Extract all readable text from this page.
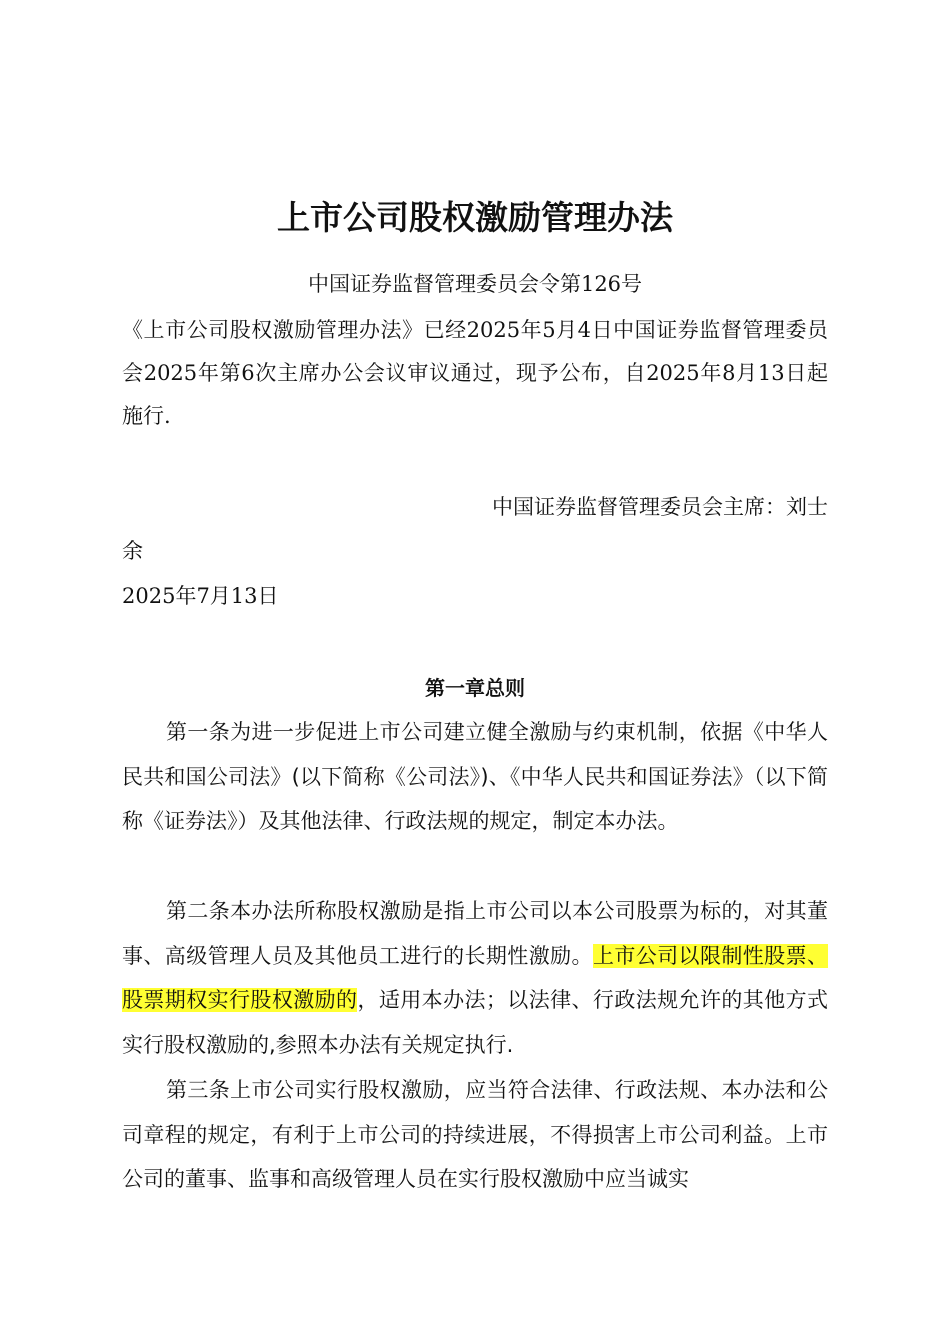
上市公司股权激励管理办法
中国证券监督管理委员会令第126号
《上市公司股权激励管理办法》已经2025年5月4日中国证券监督管理委员会2025年第6次主席办公会议审议通过，现予公布，自2025年8月13日起施行.
中国证券监督管理委员会主席：刘士
余
2025年7月13日
第一章总则

第一条为进一步促进上市公司建立健全激励与约束机制，依据《中华人民共和国公司法》(以下简称《公司法》)、《中华人民共和国证券法》（以下简称《证券法》）及其他法律、行政法规的规定，制定本办法。

第二条本办法所称股权激励是指上市公司以本公司股票为标的，对其董事、高级管理人员及其他员工进行的长期性激励。上市公司以限制性股票、股票期权实行股权激励的，适用本办法；以法律、行政法规允许的其他方式实行股权激励的,参照本办法有关规定执行.

第三条上市公司实行股权激励，应当符合法律、行政法规、本办法和公司章程的规定，有利于上市公司的持续进展，不得损害上市公司利益。上市公司的董事、监事和高级管理人员在实行股权激励中应当诚实
